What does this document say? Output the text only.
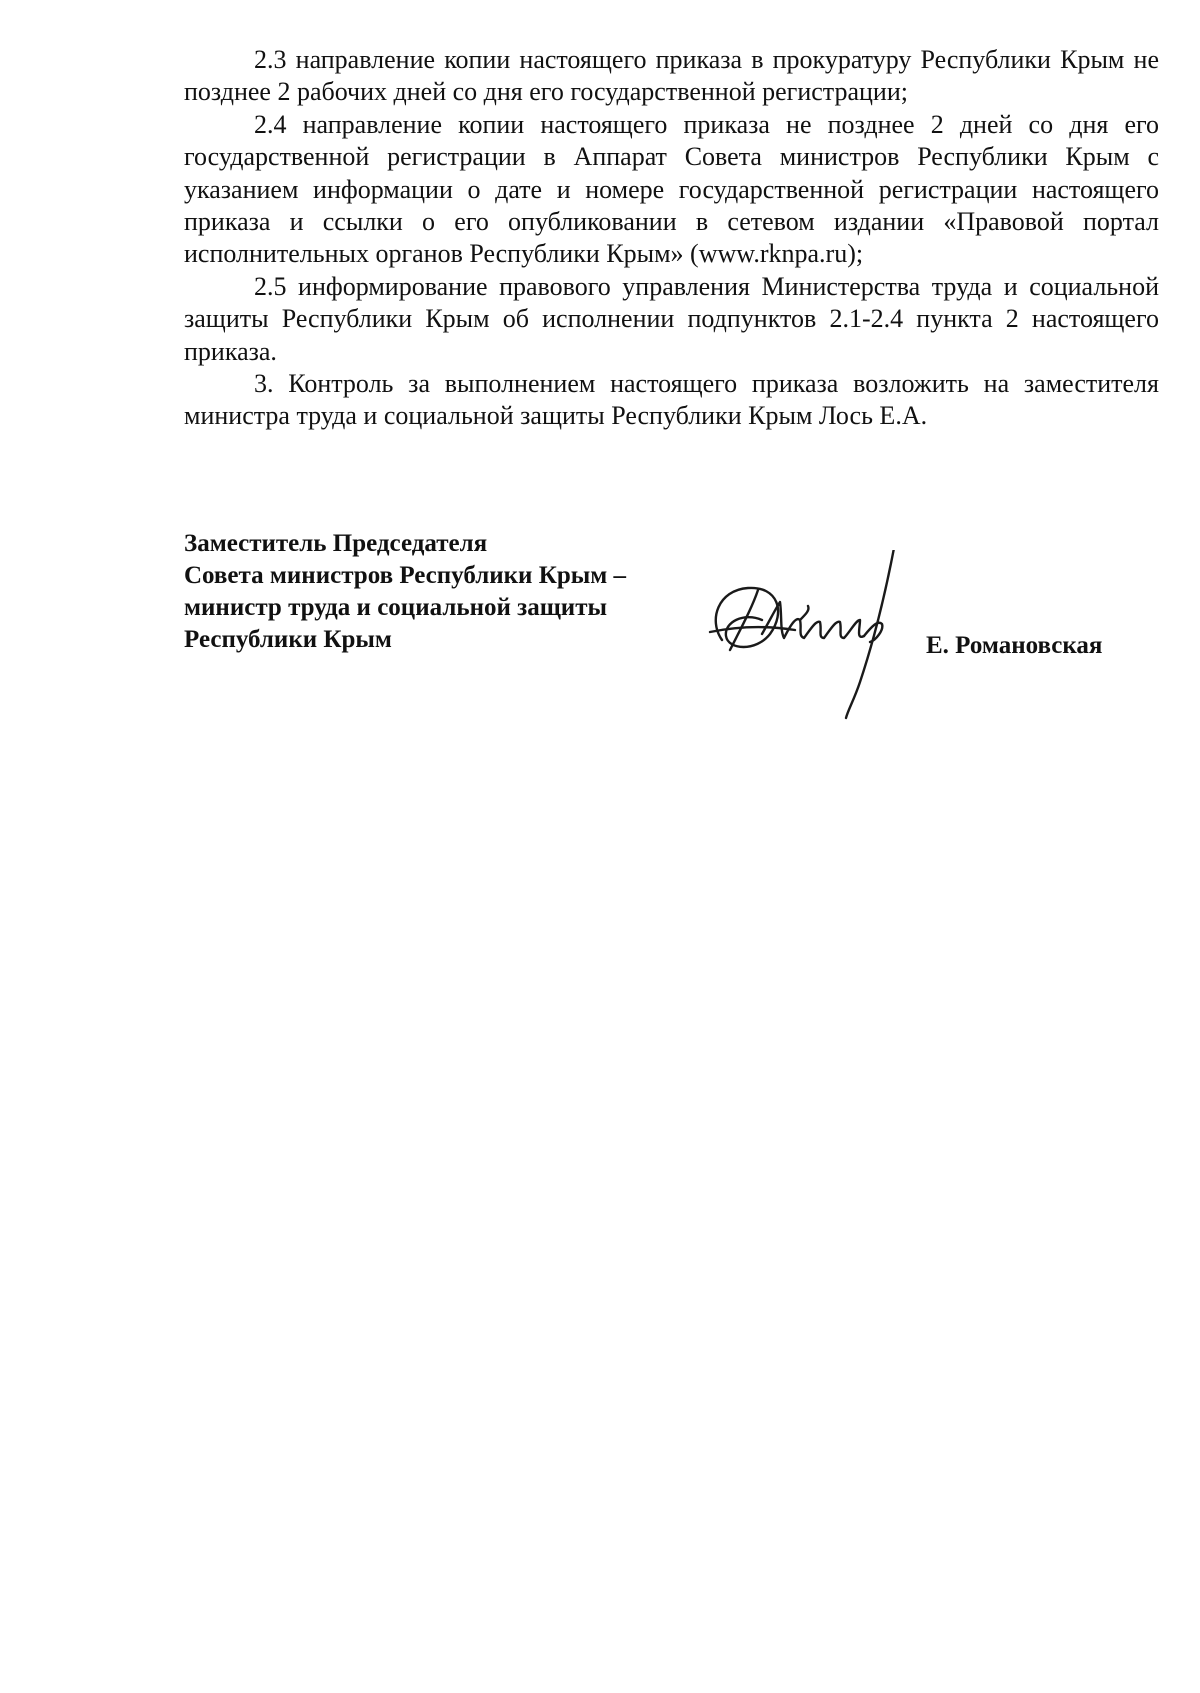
2.3 направление копии настоящего приказа в прокуратуру Республики Крым не позднее 2 рабочих дней со дня его государственной регистрации;

2.4 направление копии настоящего приказа не позднее 2 дней со дня его государственной регистрации в Аппарат Совета министров Республики Крым с указанием информации о дате и номере государственной регистрации настоящего приказа и ссылки о его опубликовании в сетевом издании «Правовой портал исполнительных органов Республики Крым» (www.rknpa.ru);

2.5 информирование правового управления Министерства труда и социальной защиты Республики Крым об исполнении подпунктов 2.1-2.4 пункта 2 настоящего приказа.

3. Контроль за выполнением настоящего приказа возложить на заместителя министра труда и социальной защиты Республики Крым Лось Е.А.

Заместитель Председателя
Совета министров Республики Крым –
министр труда и социальной защиты
Республики Крым	Е. Романовская
